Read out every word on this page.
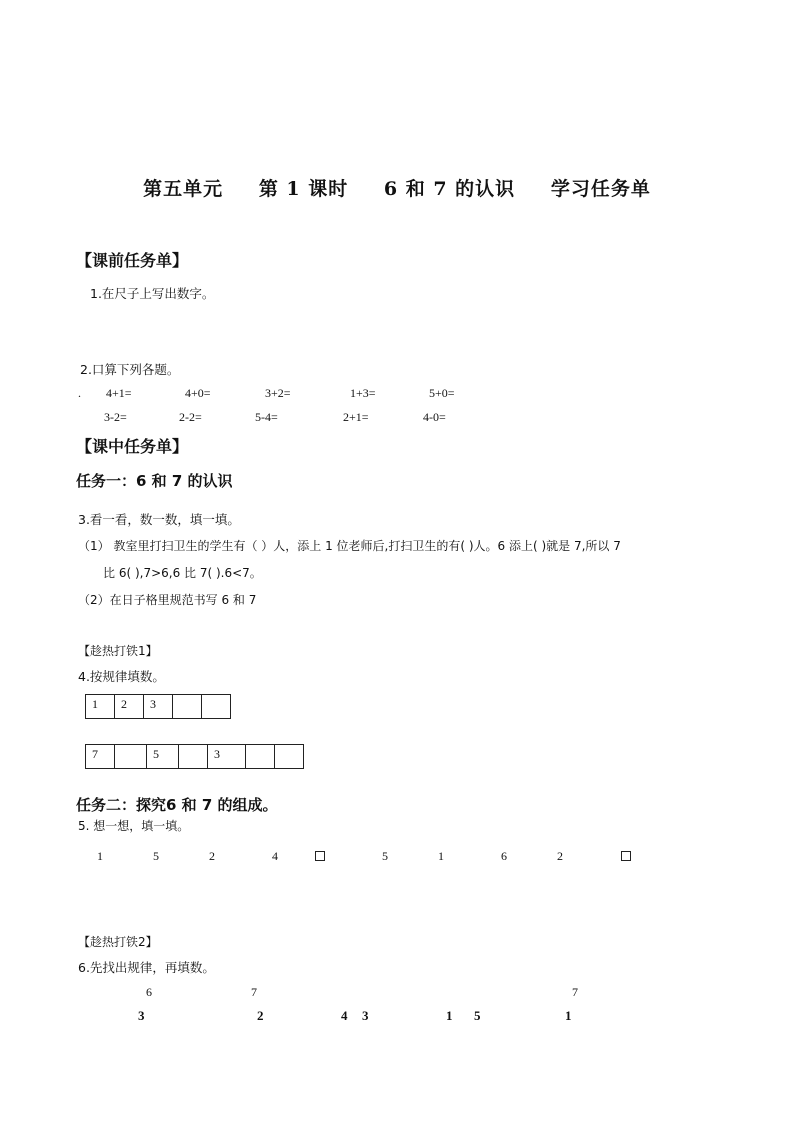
第五单元 第 1 课时 6 和 7 的认识 学习任务单
【课前任务单】
1.在尺子上写出数字。
2.口算下列各题。
. 4+1=	4+0=	3+2=	1+3=	5+0=
3-2=	2-2=	5-4=	2+1=	4-0=
【课中任务单】
任务一：6 和 7 的认识
3.看一看，数一数，填一填。
（1） 教室里打扫卫生的学生有（ ）人，添上 1 位老师后,打扫卫生的有( )人。6 添上( )就是 7,所以 7
比 6( ),7>6,6 比 7( ).6<7。
（2）在日子格里规范书写 6 和 7
【趁热打铁1】
4.按规律填数。
1	2	3		
7		5		3		
任务二：探究6 和 7 的组成。
5. 想一想，填一填。
1	5	2	4	5	1	6	2
【趁热打铁2】
6.先找出规律，再填数。
6	7	7
3	2	4 3	1 5	1
